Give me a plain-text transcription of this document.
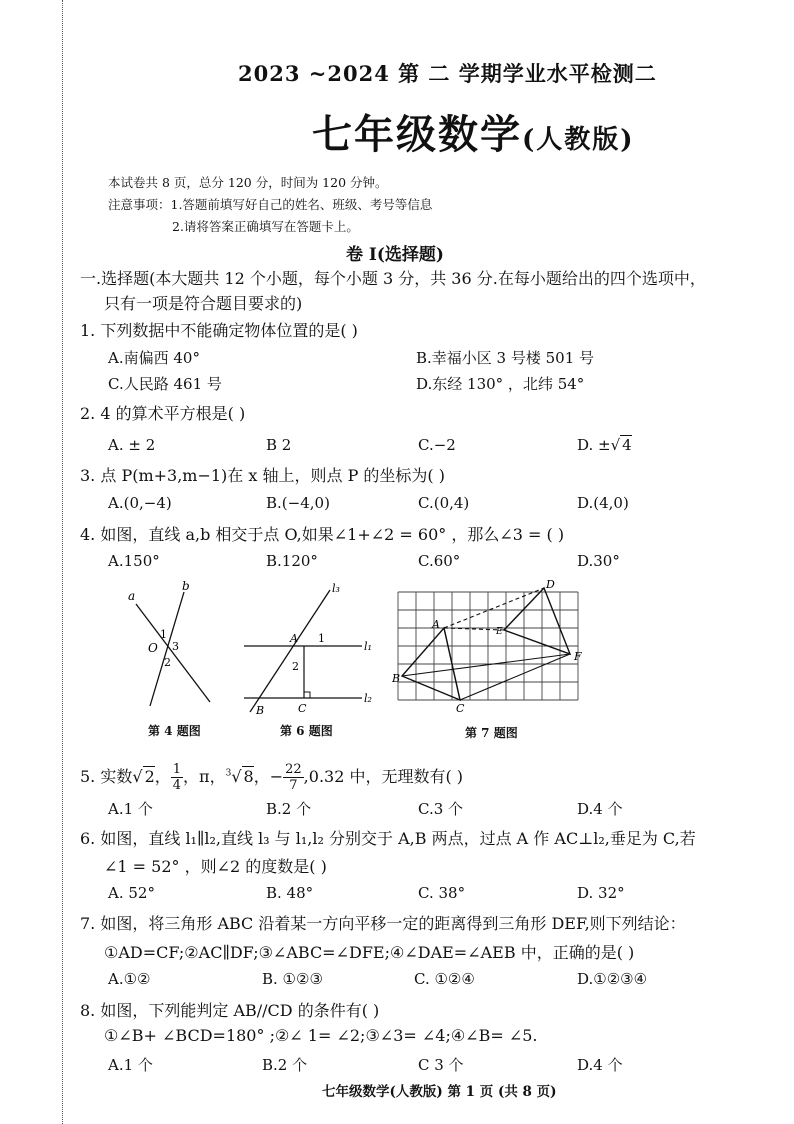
2023 ~2024 第 二 学期学业水平检测二
七年级数学(人教版)
本试卷共 8 页，总分 120 分，时间为 120 分钟。
注意事项：1.答题前填写好自己的姓名、班级、考号等信息
2.请将答案正确填写在答题卡上。
卷 I(选择题)
一.选择题(本大题共 12 个小题，每个小题 3 分，共 36 分.在每小题给出的四个选项中，
只有一项是符合题目要求的)
1. 下列数据中不能确定物体位置的是( )
A.南偏西 40°	B.幸福小区 3 号楼 501 号
C.人民路 461 号	D.东经 130° ，北纬 54°
2. 4 的算术平方根是( )
A. ± 2	B 2	C.−2	D. ±√ 4
3. 点 P(m+3,m−1)在 x 轴上，则点 P 的坐标为( )
A.(0,−4)	B.(−4,0)	C.(0,4)	D.(4,0)
4. 如图，直线 a,b 相交于点 O,如果∠1+∠2 = 60° ，那么∠3 = ( )
A.150°	B.120°	C.60°	D.30°
a
b
O
1
2
3
第 4 题图
l₃
l₁
l₂
A
B	C
1
2
第 6 题图
A
B
C
D
E
F
第 7 题图
5. 实数√ 2， $\frac{1}{4}$ ，π，$^3$√ 8，− $\frac{22}{7} ,0.32$ 中，无理数有( )
A.1 个	B.2 个	C.3 个	D.4 个
6. 如图，直线 l₁∥l₂,直线 l₃ 与 l₁,l₂ 分别交于 A,B 两点，过点 A 作 AC⊥l₂,垂足为 C,若
∠1 = 52° ，则∠2 的度数是( )
A. 52°	B. 48°	C. 38°	D. 32°
7. 如图，将三角形 ABC 沿着某一方向平移一定的距离得到三角形 DEF,则下列结论：
①AD=CF;②AC∥DF;③∠ABC=∠DFE;④∠DAE=∠AEB 中，正确的是( )
A.①②	B. ①②③	C. ①②④	D.①②③④
8. 如图，下列能判定 AB//CD 的条件有( )
①∠B+ ∠BCD=180° ;②∠ 1= ∠2;③∠3= ∠4;④∠B= ∠5.
A.1 个	B.2 个	C 3 个	D.4 个
七年级数学(人教版) 第 1 页 (共 8 页)
